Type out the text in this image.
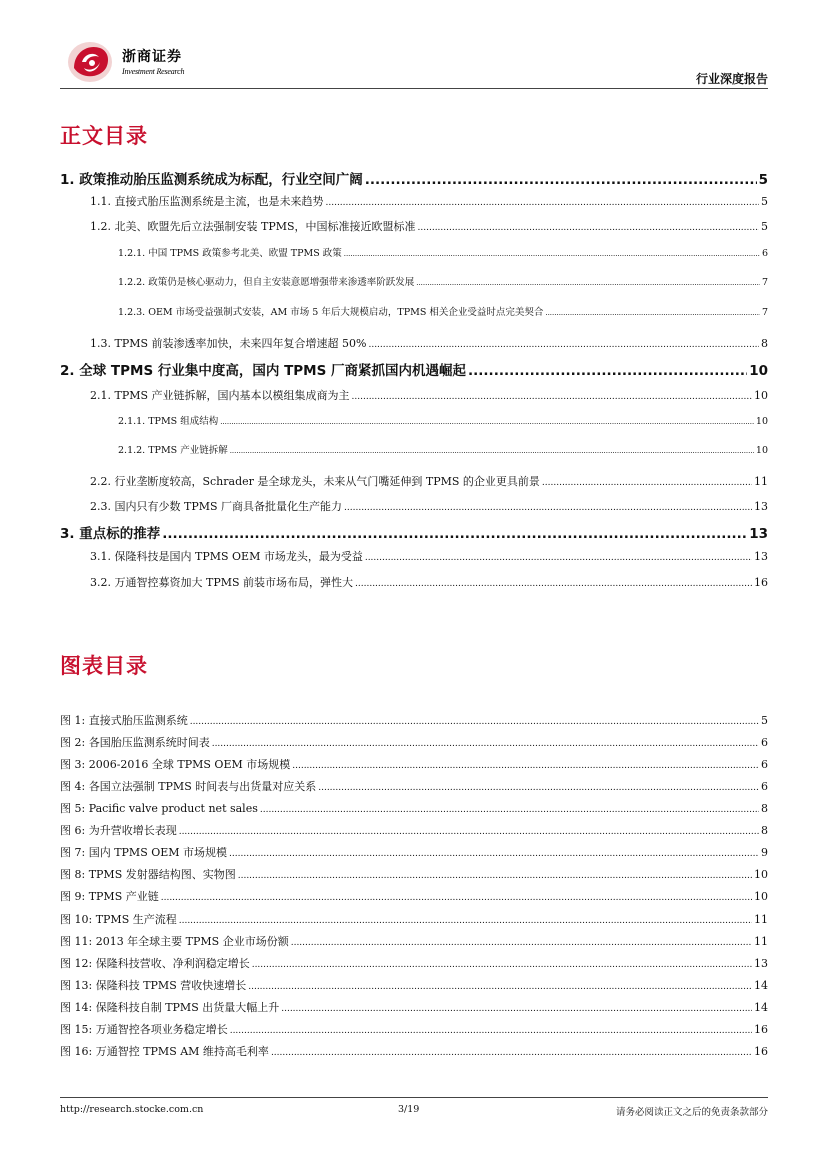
浙商证券
Investment Research
行业深度报告
正文目录
1. 政策推动胎压监测系统成为标配，行业空间广阔 .....	5
1.1. 直接式胎压监测系统是主流，也是未来趋势 .....	5
1.2. 北美、欧盟先后立法强制安装 TPMS，中国标准接近欧盟标准 .....	5
1.2.1. 中国 TPMS 政策参考北美、欧盟 TPMS 政策 .....	6
1.2.2. 政策仍是核心驱动力，但自主安装意愿增强带来渗透率阶跃发展 .....	7
1.2.3. OEM 市场受益强制式安装，AM 市场 5 年后大规模启动，TPMS 相关企业受益时点完美契合 .....	7
1.3. TPMS 前装渗透率加快，未来四年复合增速超 50% .....	8
2. 全球 TPMS 行业集中度高，国内 TPMS 厂商紧抓国内机遇崛起 .....	10
2.1. TPMS 产业链拆解，国内基本以模组集成商为主 .....	10
2.1.1. TPMS 组成结构 .....	10
2.1.2. TPMS 产业链拆解 .....	10
2.2. 行业垄断度较高，Schrader 是全球龙头，未来从气门嘴延伸到 TPMS 的企业更具前景 .....	11
2.3. 国内只有少数 TPMS 厂商具备批量化生产能力 .....	13
3. 重点标的推荐 .....	13
3.1. 保隆科技是国内 TPMS OEM 市场龙头，最为受益 .....	13
3.2. 万通智控募资加大 TPMS 前装市场布局，弹性大 .....	16
图表目录
图 1: 直接式胎压监测系统 .....	5
图 2: 各国胎压监测系统时间表 .....	6
图 3: 2006-2016 全球 TPMS OEM 市场规模 .....	6
图 4: 各国立法强制 TPMS 时间表与出货量对应关系 .....	6
图 5: Pacific valve product net sales .....	8
图 6: 为升营收增长表现 .....	8
图 7: 国内 TPMS OEM 市场规模 .....	9
图 8: TPMS 发射器结构图、实物图 .....	10
图 9: TPMS 产业链 .....	10
图 10: TPMS 生产流程 .....	11
图 11: 2013 年全球主要 TPMS 企业市场份额 .....	11
图 12: 保隆科技营收、净利润稳定增长 .....	13
图 13: 保隆科技 TPMS 营收快速增长 .....	14
图 14: 保隆科技自制 TPMS 出货量大幅上升 .....	14
图 15: 万通智控各项业务稳定增长 .....	16
图 16: 万通智控 TPMS AM 维持高毛利率 .....	16
http://research.stocke.com.cn	3/19	请务必阅读正文之后的免责条款部分
